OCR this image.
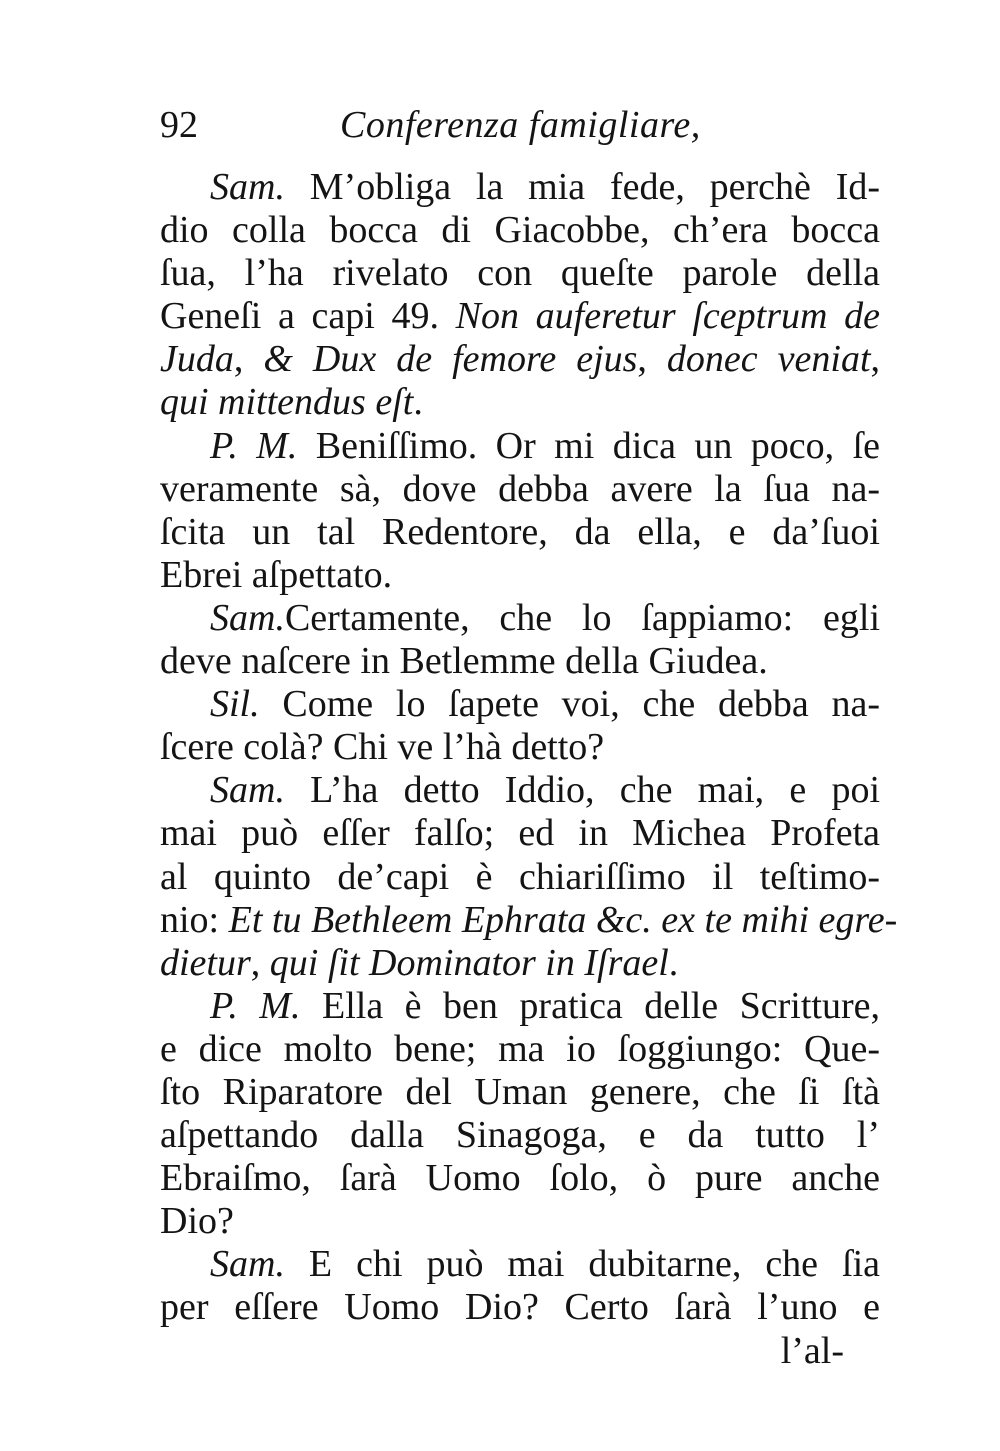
92	Conferenza famigliare,
Sam. M’obliga la mia fede, perchè Id-
dio colla bocca di Giacobbe, ch’era bocca
ſua, l’ha rivelato con queſte parole della
Geneſi a capi 49. Non auferetur ſceptrum de
Juda, & Dux de femore ejus, donec veniat,
qui mittendus eſt.
P. M. Beniſſimo. Or mi dica un poco, ſe
veramente sà, dove debba avere la ſua na-
ſcita un tal Redentore, da ella, e da’ſuoi
Ebrei aſpettato.
Sam.Certamente, che lo ſappiamo: egli
deve naſcere in Betlemme della Giudea.
Sil. Come lo ſapete voi, che debba na-
ſcere colà? Chi ve l’hà detto?
Sam. L’ha detto Iddio, che mai, e poi
mai può eſſer falſo; ed in Michea Profeta
al quinto de’capi è chiariſſimo il teſtimo-
nio: Et tu Bethleem Ephrata &c. ex te mihi egre-
dietur, qui ſit Dominator in Iſrael.
P. M. Ella è ben pratica delle Scritture,
e dice molto bene; ma io ſoggiungo: Que-
ſto Riparatore del Uman genere, che ſi ſtà
aſpettando dalla Sinagoga, e da tutto l’
Ebraiſmo, ſarà Uomo ſolo, ò pure anche
Dio?
Sam. E chi può mai dubitarne, che ſia
per eſſere Uomo Dio? Certo ſarà l’uno e
l’al-
